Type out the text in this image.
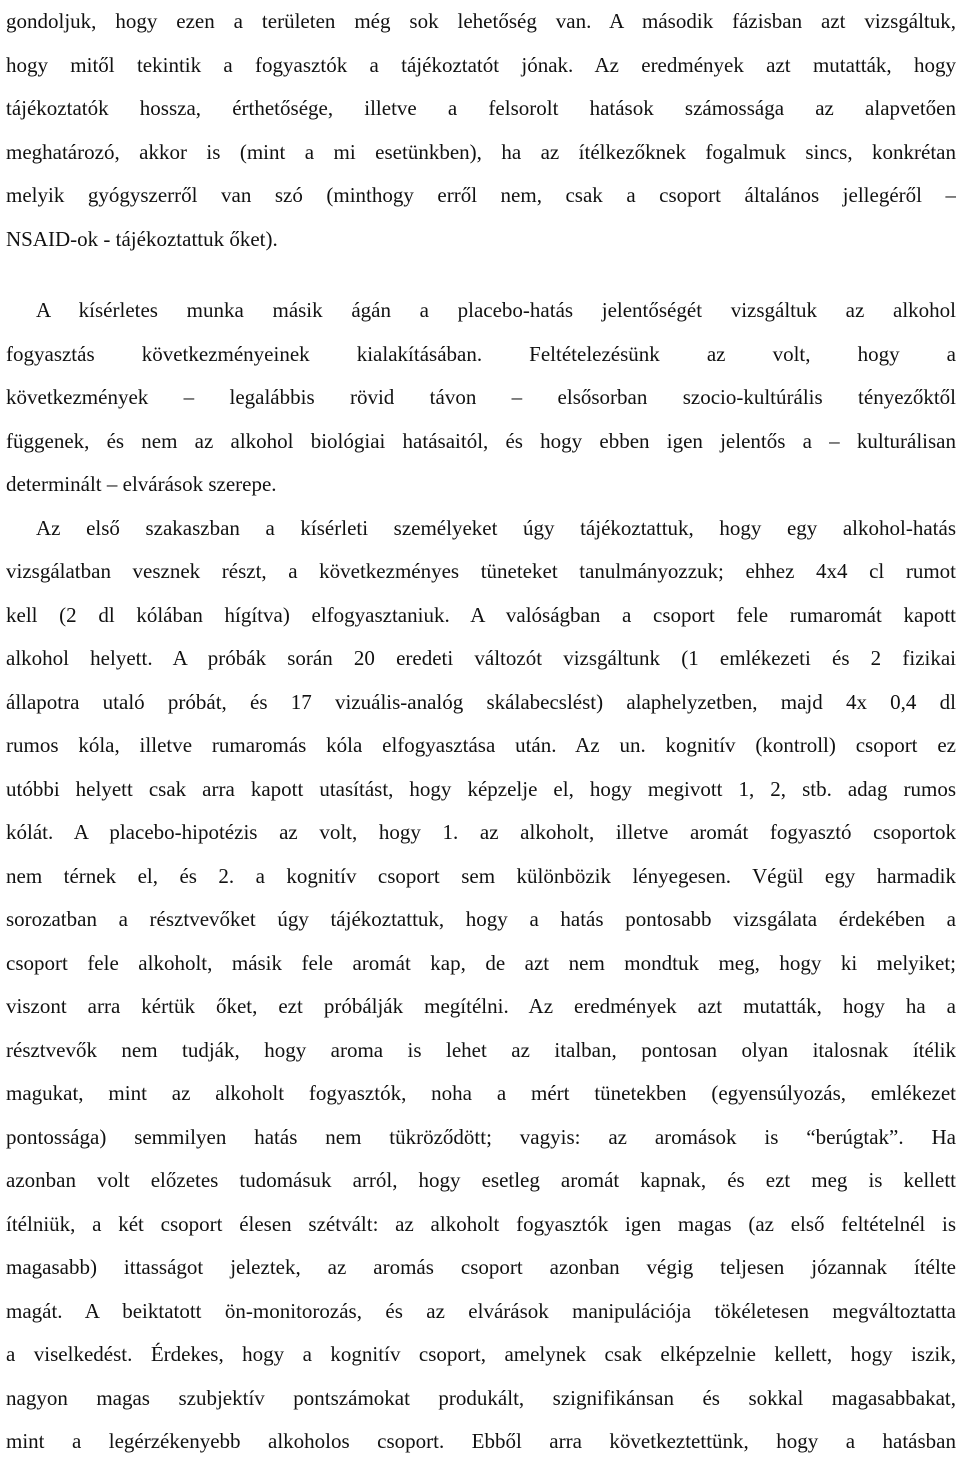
gondoljuk, hogy ezen a területen még sok lehetőség van. A második fázisban azt vizsgáltuk,
hogy mitől tekintik a fogyasztók a tájékoztatót jónak. Az eredmények azt mutatták, hogy
tájékoztatók hossza, érthetősége, illetve a felsorolt hatások számossága az alapvetően
meghatározó, akkor is (mint a mi esetünkben), ha az ítélkezőknek fogalmuk sincs, konkrétan
melyik gyógyszerről van szó (minthogy erről nem, csak a csoport általános jellegéről –
NSAID-ok - tájékoztattuk őket).
A kísérletes munka másik ágán a placebo-hatás jelentőségét vizsgáltuk az alkohol
fogyasztás következményeinek kialakításában. Feltételezésünk az volt, hogy a
következmények – legalábbis rövid távon – elsősorban szocio-kultúrális tényezőktől
függenek, és nem az alkohol biológiai hatásaitól, és hogy ebben igen jelentős a – kulturálisan
determinált – elvárások szerepe.
Az első szakaszban a kísérleti személyeket úgy tájékoztattuk, hogy egy alkohol-hatás
vizsgálatban vesznek részt, a következményes tüneteket tanulmányozzuk; ehhez 4x4 cl rumot
kell (2 dl kólában hígítva) elfogyasztaniuk. A valóságban a csoport fele rumaromát kapott
alkohol helyett. A próbák során 20 eredeti változót vizsgáltunk (1 emlékezeti és 2 fizikai
állapotra utaló próbát, és 17 vizuális-analóg skálabecslést) alaphelyzetben, majd 4x 0,4 dl
rumos kóla, illetve rumaromás kóla elfogyasztása után. Az un. kognitív (kontroll) csoport ez
utóbbi helyett csak arra kapott utasítást, hogy képzelje el, hogy megivott 1, 2, stb. adag rumos
kólát. A placebo-hipotézis az volt, hogy 1. az alkoholt, illetve aromát fogyasztó csoportok
nem térnek el, és 2. a kognitív csoport sem különbözik lényegesen. Végül egy harmadik
sorozatban a résztvevőket úgy tájékoztattuk, hogy a hatás pontosabb vizsgálata érdekében a
csoport fele alkoholt, másik fele aromát kap, de azt nem mondtuk meg, hogy ki melyiket;
viszont arra kértük őket, ezt próbálják megítélni. Az eredmények azt mutatták, hogy ha a
résztvevők nem tudják, hogy aroma is lehet az italban, pontosan olyan italosnak ítélik
magukat, mint az alkoholt fogyasztók, noha a mért tünetekben (egyensúlyozás, emlékezet
pontossága) semmilyen hatás nem tükröződött; vagyis: az aromások is “berúgtak”. Ha
azonban volt előzetes tudomásuk arról, hogy esetleg aromát kapnak, és ezt meg is kellett
ítélniük, a két csoport élesen szétvált: az alkoholt fogyasztók igen magas (az első feltételnél is
magasabb) ittasságot jeleztek, az aromás csoport azonban végig teljesen józannak ítélte
magát. A beiktatott ön-monitorozás, és az elvárások manipulációja tökéletesen megváltoztatta
a viselkedést. Érdekes, hogy a kognitív csoport, amelynek csak elképzelnie kellett, hogy iszik,
nagyon magas szubjektív pontszámokat produkált, szignifikánsan és sokkal magasabbakat,
mint a legérzékenyebb alkoholos csoport. Ebből arra következtettünk, hogy a hatásban
